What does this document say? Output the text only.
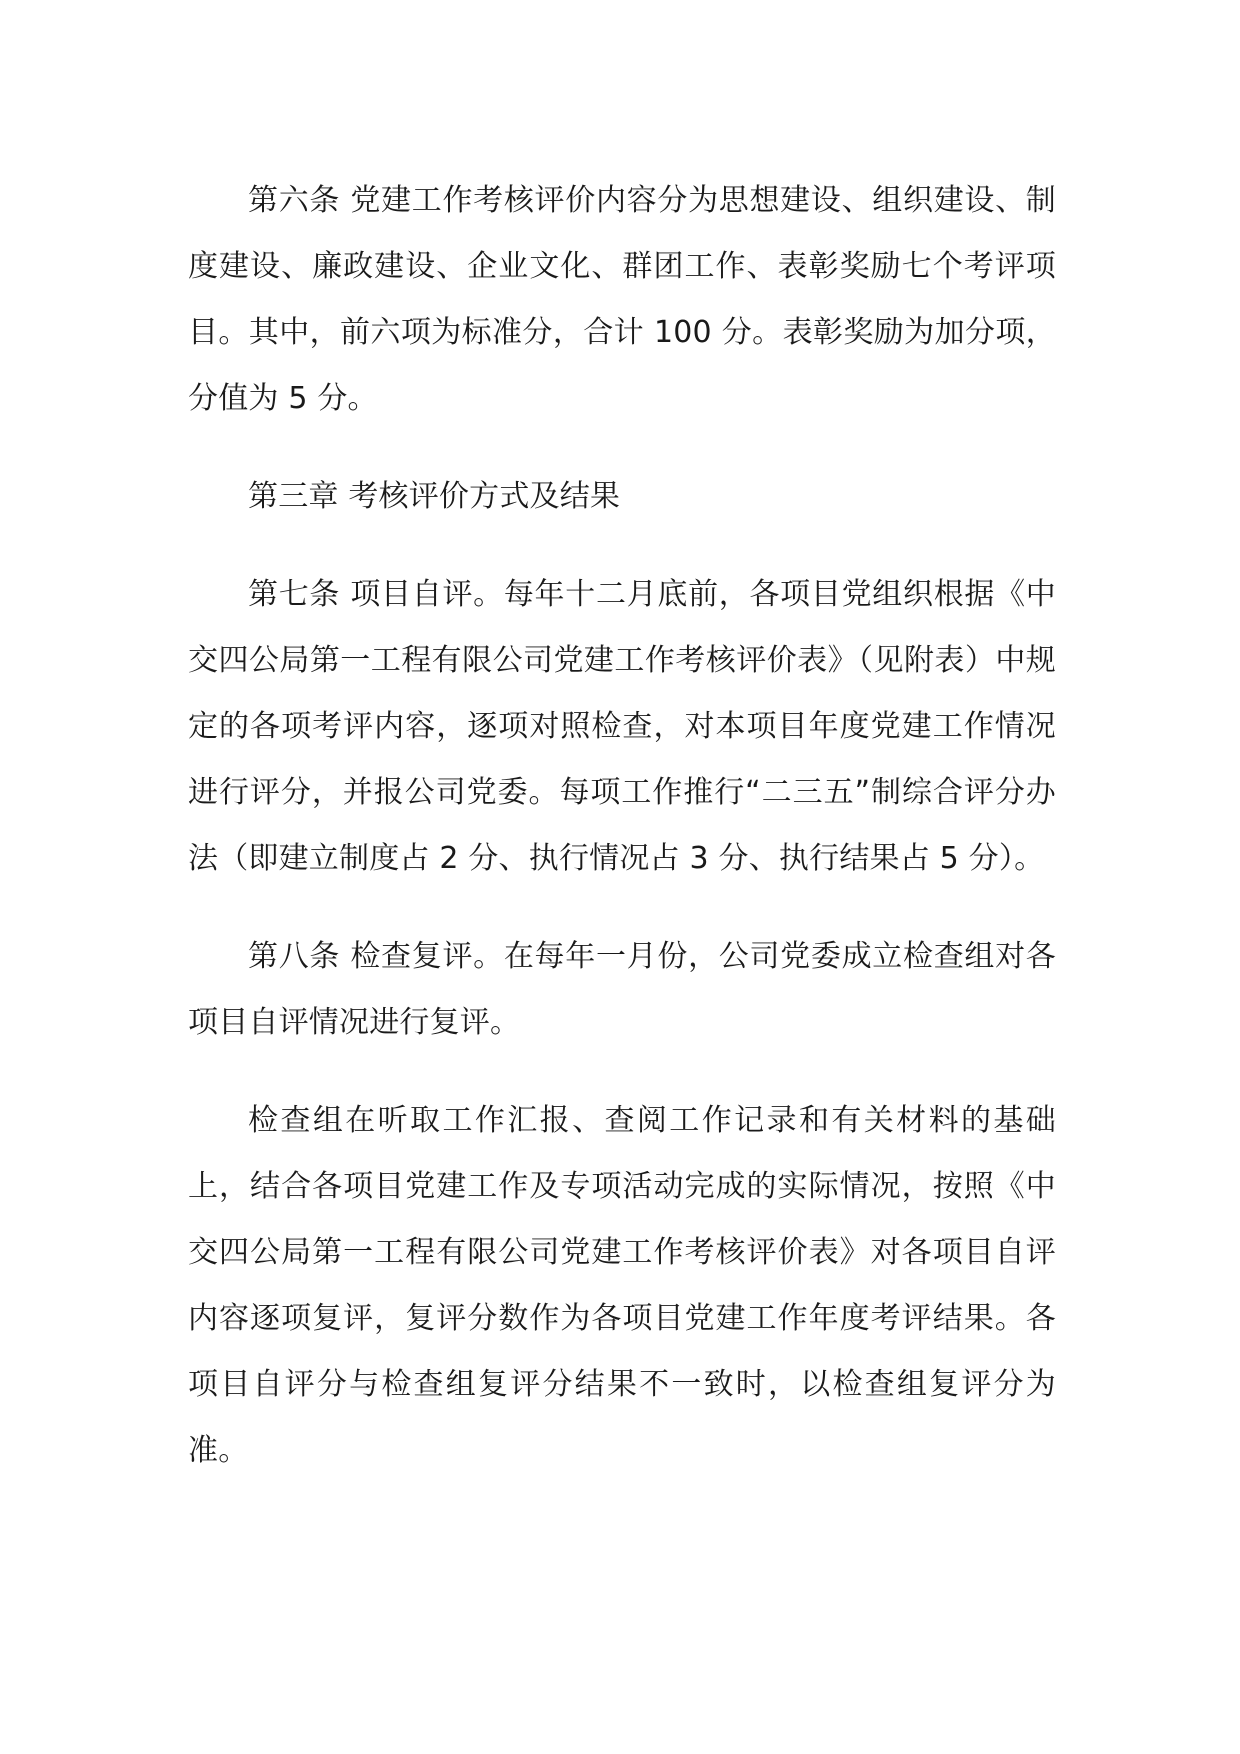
第六条 党建工作考核评价内容分为思想建设、组织建设、制度建设、廉政建设、企业文化、群团工作、表彰奖励七个考评项目。其中，前六项为标准分，合计 100 分。表彰奖励为加分项，分值为 5 分。

第三章 考核评价方式及结果

第七条 项目自评。每年十二月底前，各项目党组织根据《中交四公局第一工程有限公司党建工作考核评价表》（见附表）中规定的各项考评内容，逐项对照检查，对本项目年度党建工作情况进行评分，并报公司党委。每项工作推行“二三五”制综合评分办法（即建立制度占 2 分、执行情况占 3 分、执行结果占 5 分）。

第八条 检查复评。在每年一月份，公司党委成立检查组对各项目自评情况进行复评。

检查组在听取工作汇报、查阅工作记录和有关材料的基础上，结合各项目党建工作及专项活动完成的实际情况，按照《中交四公局第一工程有限公司党建工作考核评价表》对各项目自评内容逐项复评，复评分数作为各项目党建工作年度考评结果。各项目自评分与检查组复评分结果不一致时，以检查组复评分为准。
